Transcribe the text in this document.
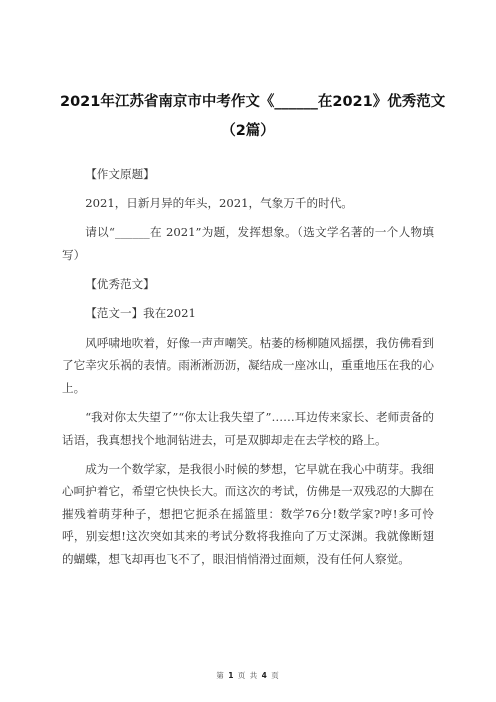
2021年江苏省南京市中考作文《______在2021》优秀范文
（2篇）

【作文原题】

2021，日新月异的年头，2021，气象万千的时代。

请以“______在 2021”为题，发挥想象。（选文学名著的一个人物填写）

【优秀范文】

【范文一】我在2021

风呼啸地吹着，好像一声声嘲笑。枯萎的杨柳随风摇摆，我仿佛看到了它幸灾乐祸的表情。雨淅淅沥沥，凝结成一座冰山，重重地压在我的心上。

“我对你太失望了”“你太让我失望了”……耳边传来家长、老师责备的话语，我真想找个地洞钻进去，可是双脚却走在去学校的路上。

成为一个数学家，是我很小时候的梦想，它早就在我心中萌芽。我细心呵护着它，希望它快快长大。而这次的考试，仿佛是一双残忍的大脚在摧残着萌芽种子，想把它扼杀在摇篮里：数学76分!数学家?哼!多可怜呼，别妄想!这次突如其来的考试分数将我推向了万丈深渊。我就像断翅的蝴蝶，想飞却再也飞不了，眼泪悄悄滑过面颊，没有任何人察觉。

第 1 页 共 4 页
